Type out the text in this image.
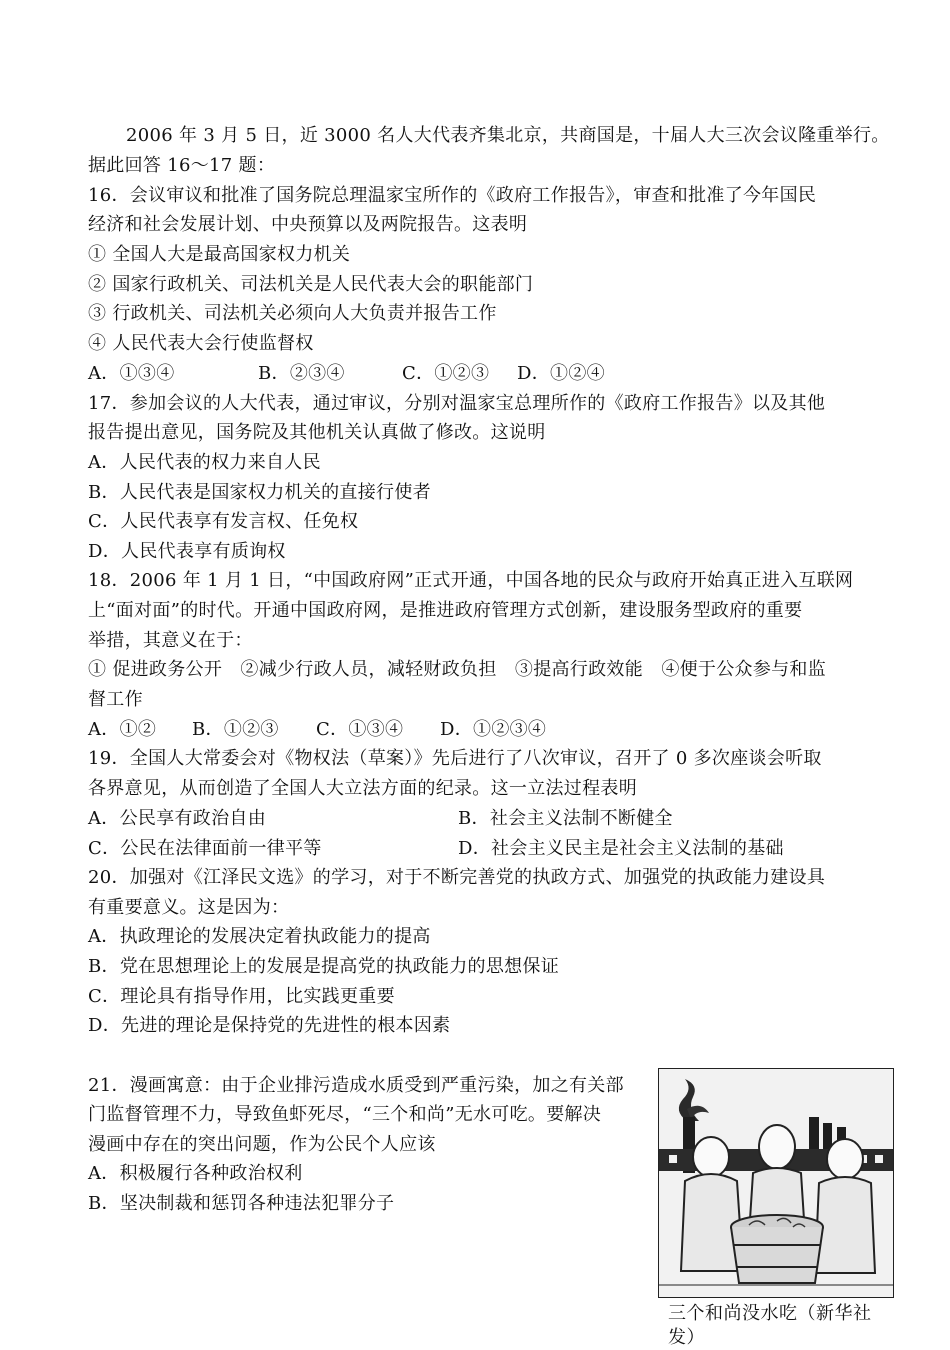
2006 年 3 月 5 日，近 3000 名人大代表齐集北京，共商国是，十届人大三次会议隆重举行。
据此回答 16～17 题：
16．会议审议和批准了国务院总理温家宝所作的《政府工作报告》，审查和批准了今年国民
经济和社会发展计划、中央预算以及两院报告。这表明
① 全国人大是最高国家权力机关
② 国家行政机关、司法机关是人民代表大会的职能部门
③ 行政机关、司法机关必须向人大负责并报告工作
④ 人民代表大会行使监督权
A．①③④	B．②③④	C．①②③ D．①②④
17．参加会议的人大代表，通过审议，分别对温家宝总理所作的《政府工作报告》以及其他
报告提出意见，国务院及其他机关认真做了修改。这说明
A．人民代表的权力来自人民
B．人民代表是国家权力机关的直接行使者
C．人民代表享有发言权、任免权
D．人民代表享有质询权
18．2006 年 1 月 1 日，“中国政府网”正式开通，中国各地的民众与政府开始真正进入互联网
上“面对面”的时代。开通中国政府网，是推进政府管理方式创新，建设服务型政府的重要
举措，其意义在于：
① 促进政务公开　②减少行政人员，减轻财政负担　③提高行政效能　④便于公众参与和监
督工作
A．①② B．①②③ C．①③④ D．①②③④
19．全国人大常委会对《物权法（草案）》先后进行了八次审议，召开了 0 多次座谈会听取
各界意见，从而创造了全国人大立法方面的纪录。这一立法过程表明
A．公民享有政治自由	B．社会主义法制不断健全
C．公民在法律面前一律平等	D．社会主义民主是社会主义法制的基础
20．加强对《江泽民文选》的学习，对于不断完善党的执政方式、加强党的执政能力建设具
有重要意义。这是因为：
A．执政理论的发展决定着执政能力的提高
B．党在思想理论上的发展是提高党的执政能力的思想保证
C．理论具有指导作用，比实践更重要
D．先进的理论是保持党的先进性的根本因素
21．漫画寓意：由于企业排污造成水质受到严重污染，加之有关部
门监督管理不力，导致鱼虾死尽，“三个和尚”无水可吃。要解决
漫画中存在的突出问题，作为公民个人应该
A．积极履行各种政治权利
B．坚决制裁和惩罚各种违法犯罪分子
三个和尚没水吃（新华社
发）
